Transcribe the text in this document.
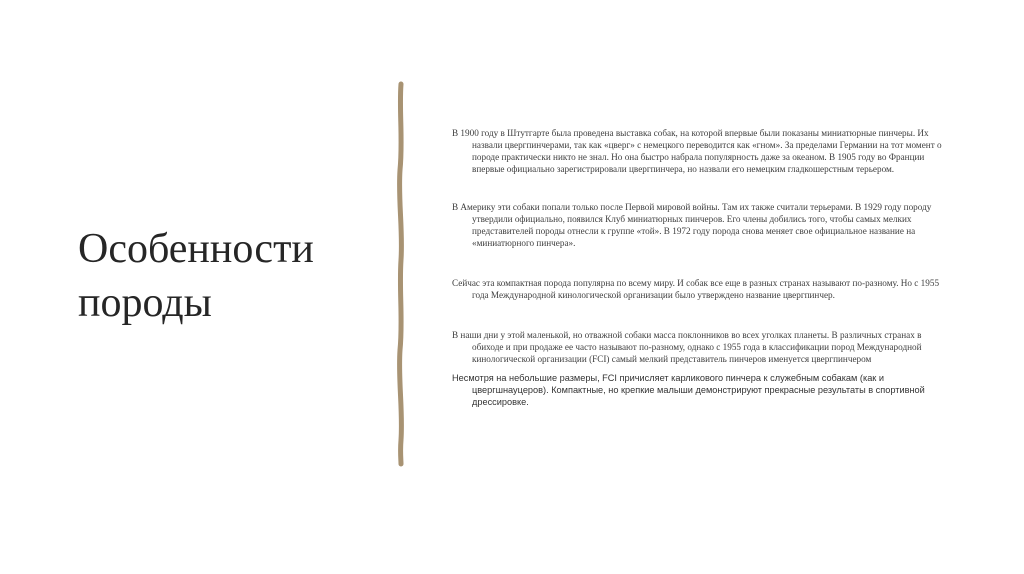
Особенности
породы

В 1900 году в Штутгарте была проведена выставка собак, на которой впервые были показаны миниатюрные пинчеры. Их назвали цвергпинчерами, так как «цверг» с немецкого переводится как «гном». За пределами Германии на тот момент о породе практически никто не знал. Но она быстро набрала популярность даже за океаном. В 1905 году во Франции впервые официально зарегистрировали цвергпинчера, но назвали его немецким гладкошерстным терьером.

В Америку эти собаки попали только после Первой мировой войны. Там их также считали терьерами. В 1929 году породу утвердили официально, появился Клуб миниатюрных пинчеров. Его члены добились того, чтобы самых мелких представителей породы отнесли к группе «той». В 1972 году порода снова меняет свое официальное название на «миниатюрного пинчера».

Сейчас эта компактная порода популярна по всему миру. И собак все еще в разных странах называют по-разному. Но с 1955 года Международной кинологической организации было утверждено название цвергпинчер.

В наши дни у этой маленькой, но отважной собаки масса поклонников во всех уголках планеты. В различных странах в обиходе и при продаже ее часто называют по-разному, однако с 1955 года в классификации пород Международной кинологической организации (FCI) самый мелкий представитель пинчеров именуется цвергпинчером

Несмотря на небольшие размеры, FCI причисляет карликового пинчера к служебным собакам (как и цвергшнауцеров). Компактные, но крепкие малыши демонстрируют прекрасные результаты в спортивной дрессировке.
